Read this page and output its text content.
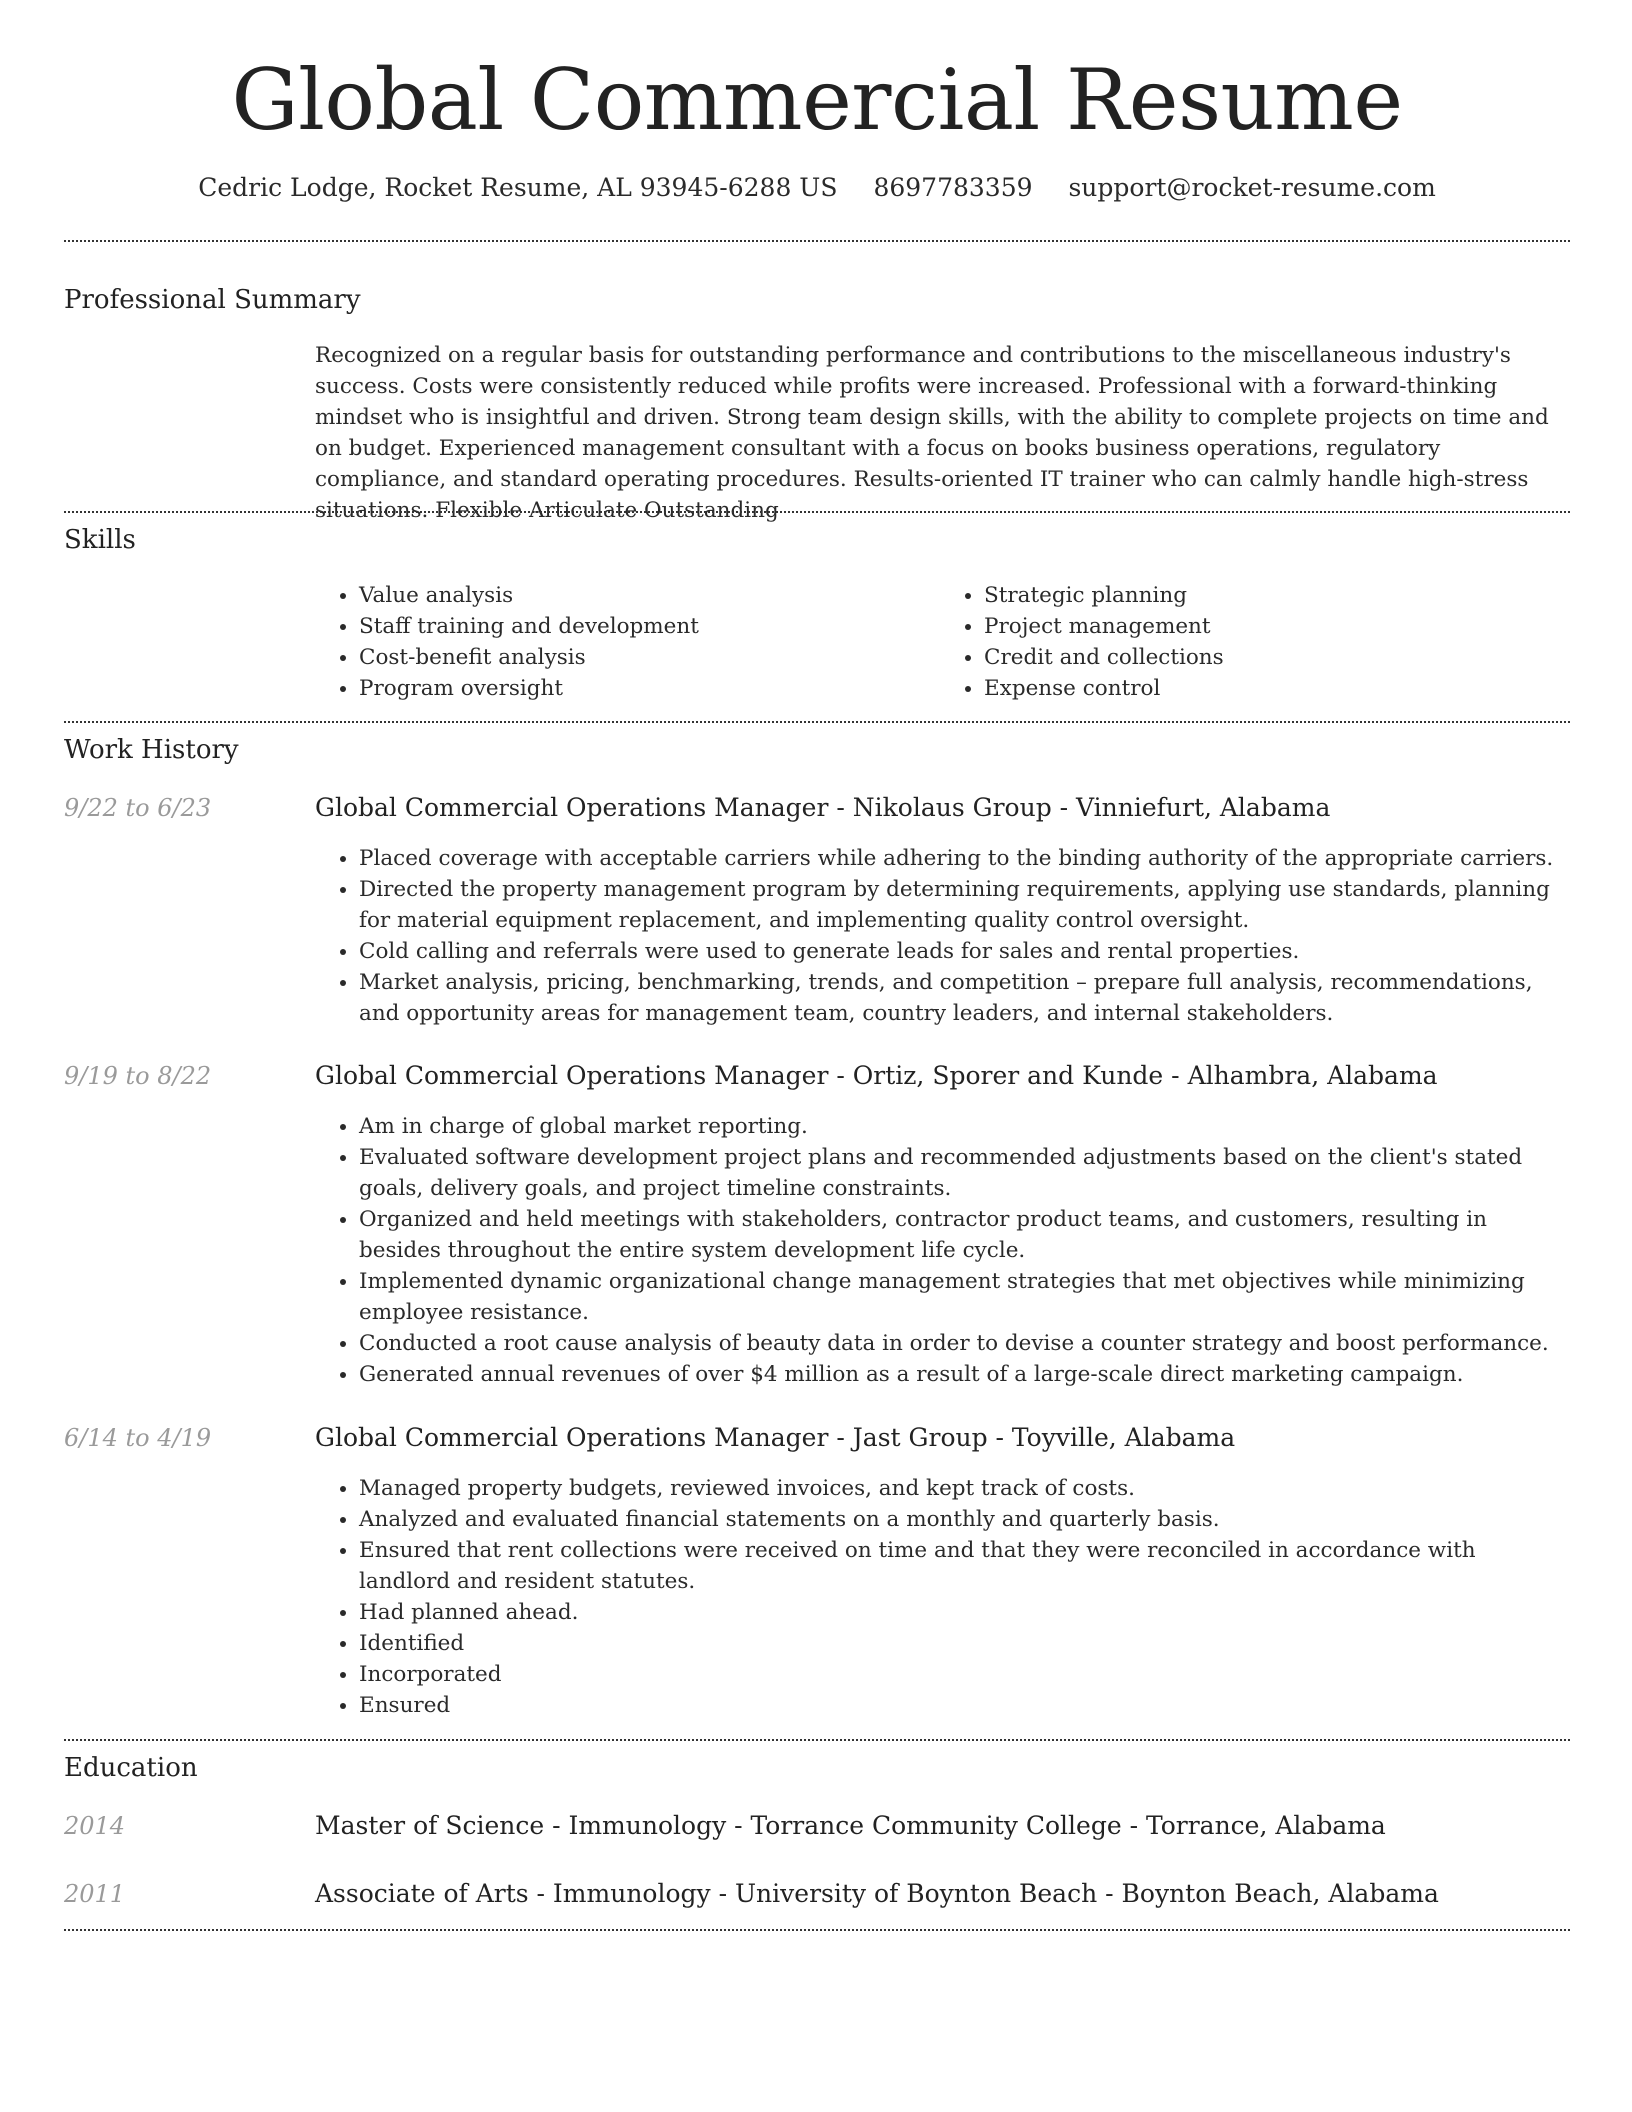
Global Commercial Resume
Cedric Lodge, Rocket Resume, AL 93945-6288 US 8697783359 support@rocket-resume.com
Professional Summary

Recognized on a regular basis for outstanding performance and contributions to the miscellaneous industry's success. Costs were consistently reduced while profits were increased. Professional with a forward-thinking mindset who is insightful and driven. Strong team design skills, with the ability to complete projects on time and on budget. Experienced management consultant with a focus on books business operations, regulatory compliance, and standard operating procedures. Results-oriented IT trainer who can calmly handle high-stress situations. Flexible Articulate Outstanding

Skills
• Value analysis
• Staff training and development
• Cost-benefit analysis
• Program oversight
• Strategic planning
• Project management
• Credit and collections
• Expense control
Work History
9/22 to 6/23	Global Commercial Operations Manager - Nikolaus Group - Vinniefurt, Alabama
• Placed coverage with acceptable carriers while adhering to the binding authority of the appropriate carriers.
• Directed the property management program by determining requirements, applying use standards, planning for material equipment replacement, and implementing quality control oversight.
• Cold calling and referrals were used to generate leads for sales and rental properties.
• Market analysis, pricing, benchmarking, trends, and competition – prepare full analysis, recommendations, and opportunity areas for management team, country leaders, and internal stakeholders.
9/19 to 8/22	Global Commercial Operations Manager - Ortiz, Sporer and Kunde - Alhambra, Alabama
• Am in charge of global market reporting.
• Evaluated software development project plans and recommended adjustments based on the client's stated goals, delivery goals, and project timeline constraints.
• Organized and held meetings with stakeholders, contractor product teams, and customers, resulting in besides throughout the entire system development life cycle.
• Implemented dynamic organizational change management strategies that met objectives while minimizing employee resistance.
• Conducted a root cause analysis of beauty data in order to devise a counter strategy and boost performance.
• Generated annual revenues of over $4 million as a result of a large-scale direct marketing campaign.
6/14 to 4/19	Global Commercial Operations Manager - Jast Group - Toyville, Alabama
• Managed property budgets, reviewed invoices, and kept track of costs.
• Analyzed and evaluated financial statements on a monthly and quarterly basis.
• Ensured that rent collections were received on time and that they were reconciled in accordance with landlord and resident statutes.
• Had planned ahead.
• Identified
• Incorporated
• Ensured
Education
2014	Master of Science - Immunology - Torrance Community College - Torrance, Alabama
2011	Associate of Arts - Immunology - University of Boynton Beach - Boynton Beach, Alabama
